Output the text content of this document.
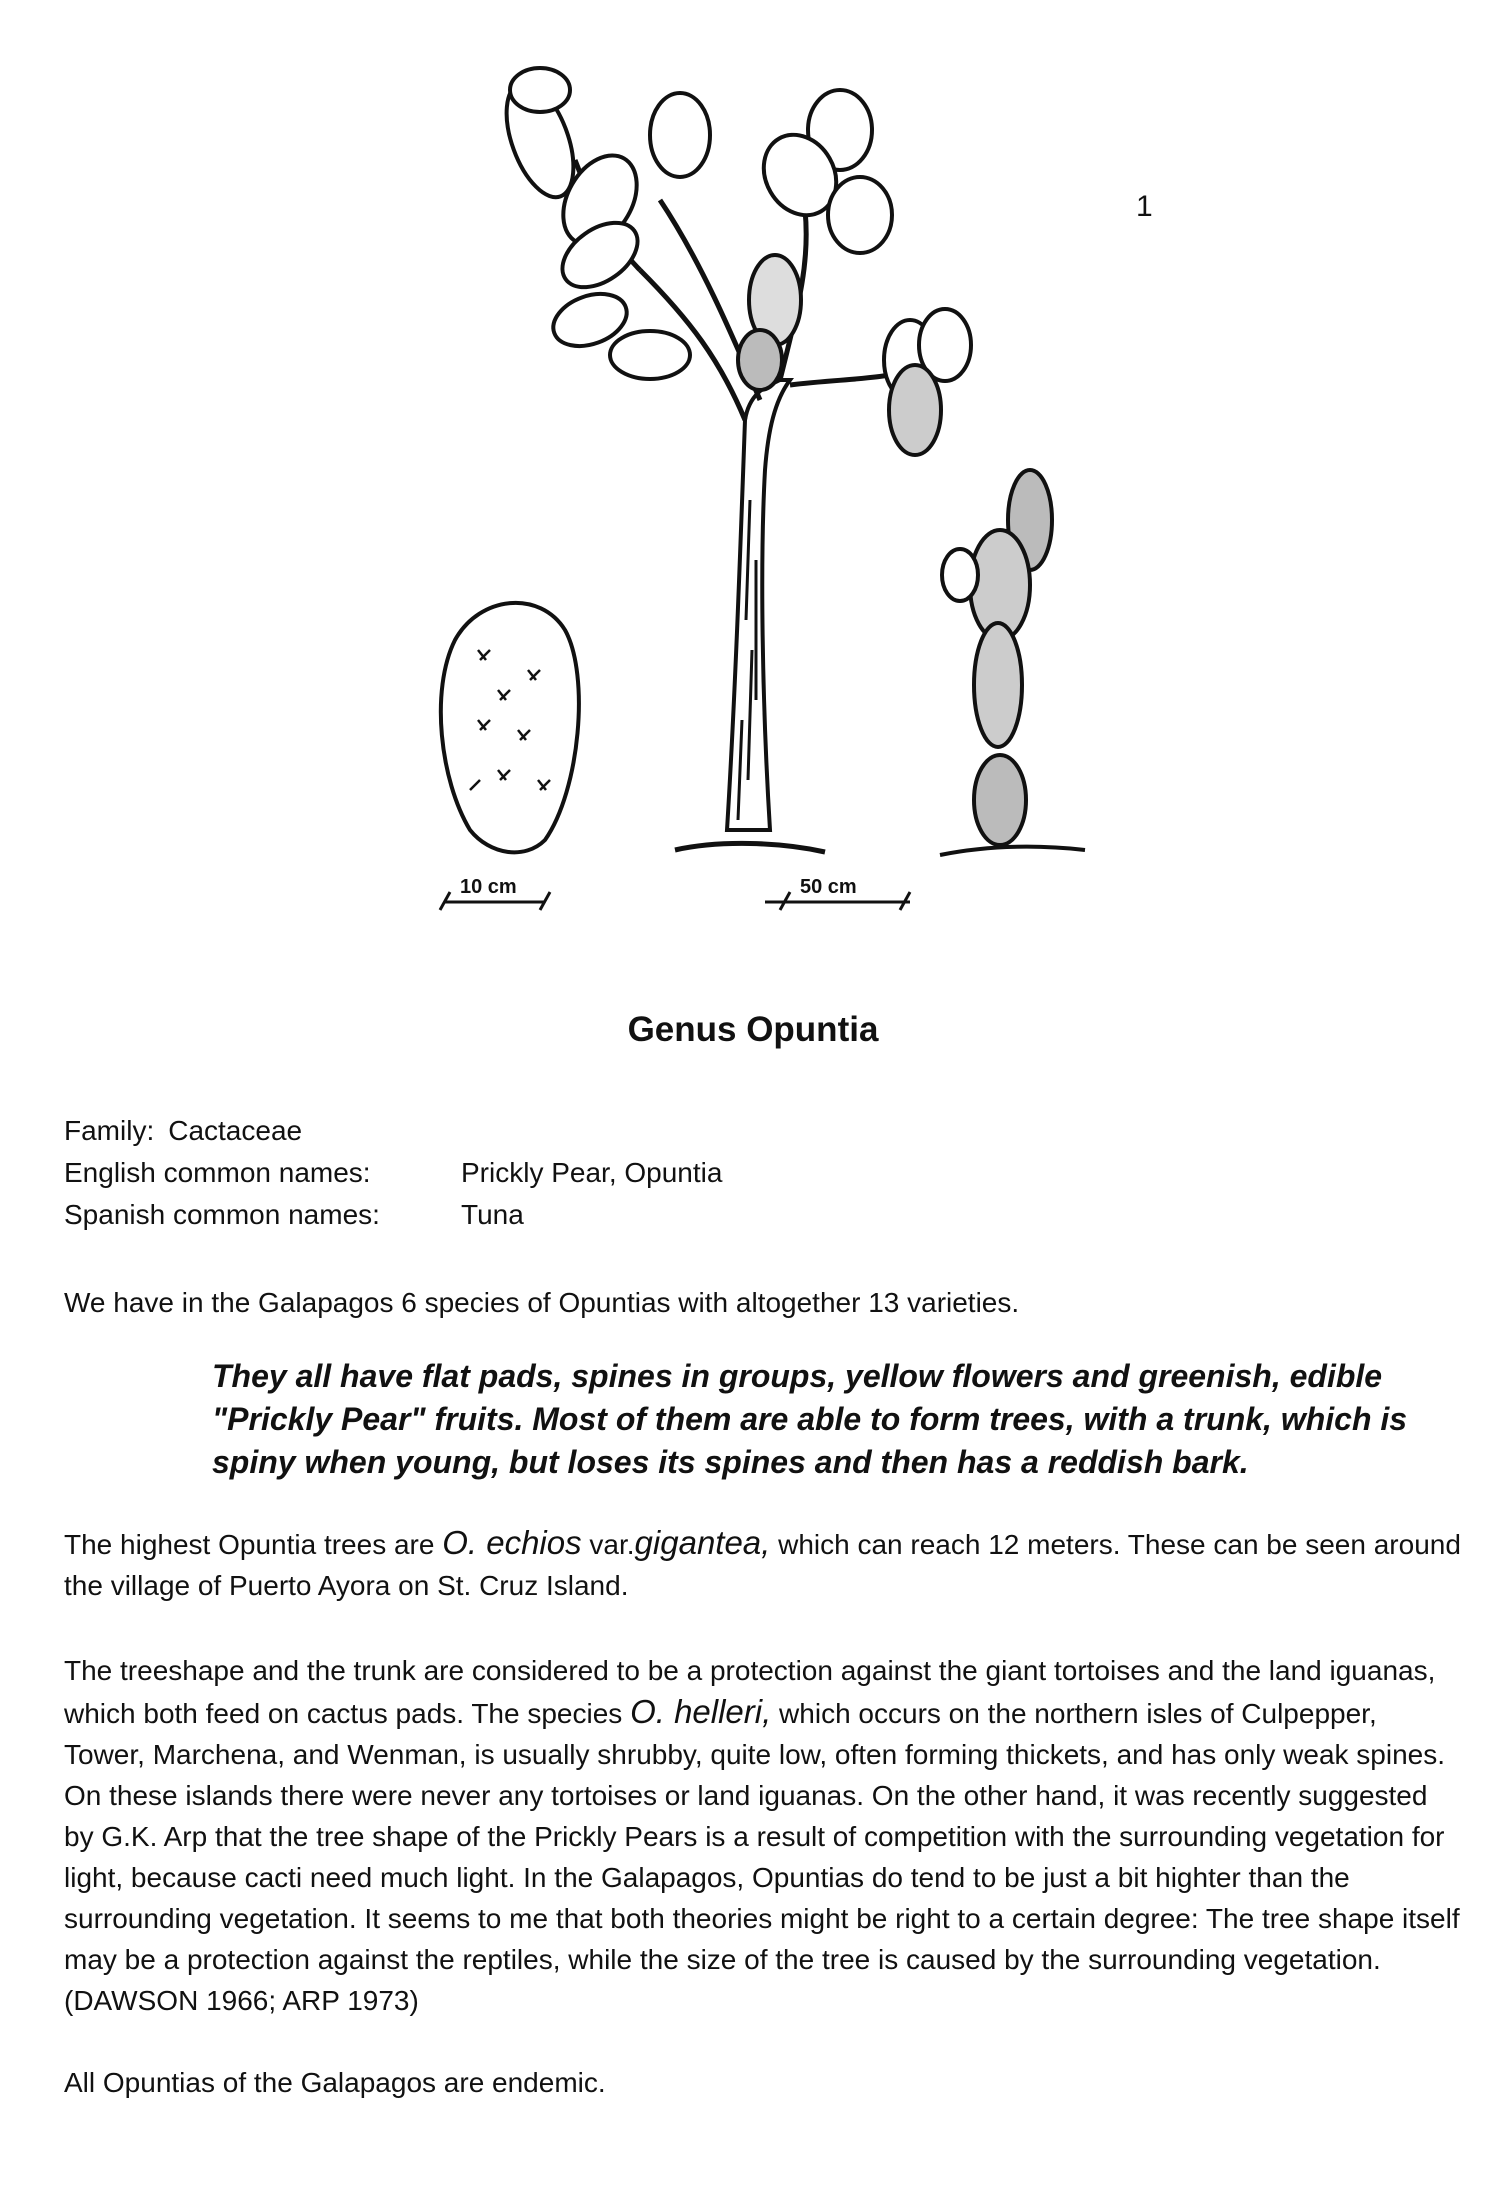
1
10 cm	50 cm
Genus Opuntia
Family: Cactaceae
English common names:	Prickly Pear, Opuntia
Spanish common names:	Tuna
We have in the Galapagos 6 species of Opuntias with altogether 13 varieties.
They all have flat pads, spines in groups, yellow flowers and greenish, edible "Prickly Pear" fruits. Most of them are able to form trees, with a trunk, which is spiny when young, but loses its spines and then has a reddish bark.
The highest Opuntia trees are O. echios var.gigantea, which can reach 12 meters. These can be seen around the village of Puerto Ayora on St. Cruz Island.
The treeshape and the trunk are considered to be a protection against the giant tortoises and the land iguanas, which both feed on cactus pads. The species O. helleri, which occurs on the northern isles of Culpepper, Tower, Marchena, and Wenman, is usually shrubby, quite low, often forming thickets, and has only weak spines. On these islands there were never any tortoises or land iguanas. On the other hand, it was recently suggested by G.K. Arp that the tree shape of the Prickly Pears is a result of competition with the surrounding vegetation for light, because cacti need much light. In the Galapagos, Opuntias do tend to be just a bit highter than the surrounding vegetation. It seems to me that both theories might be right to a certain degree: The tree shape itself may be a protection against the reptiles, while the size of the tree is caused by the surrounding vegetation. (DAWSON 1966; ARP 1973)
All Opuntias of the Galapagos are endemic.
